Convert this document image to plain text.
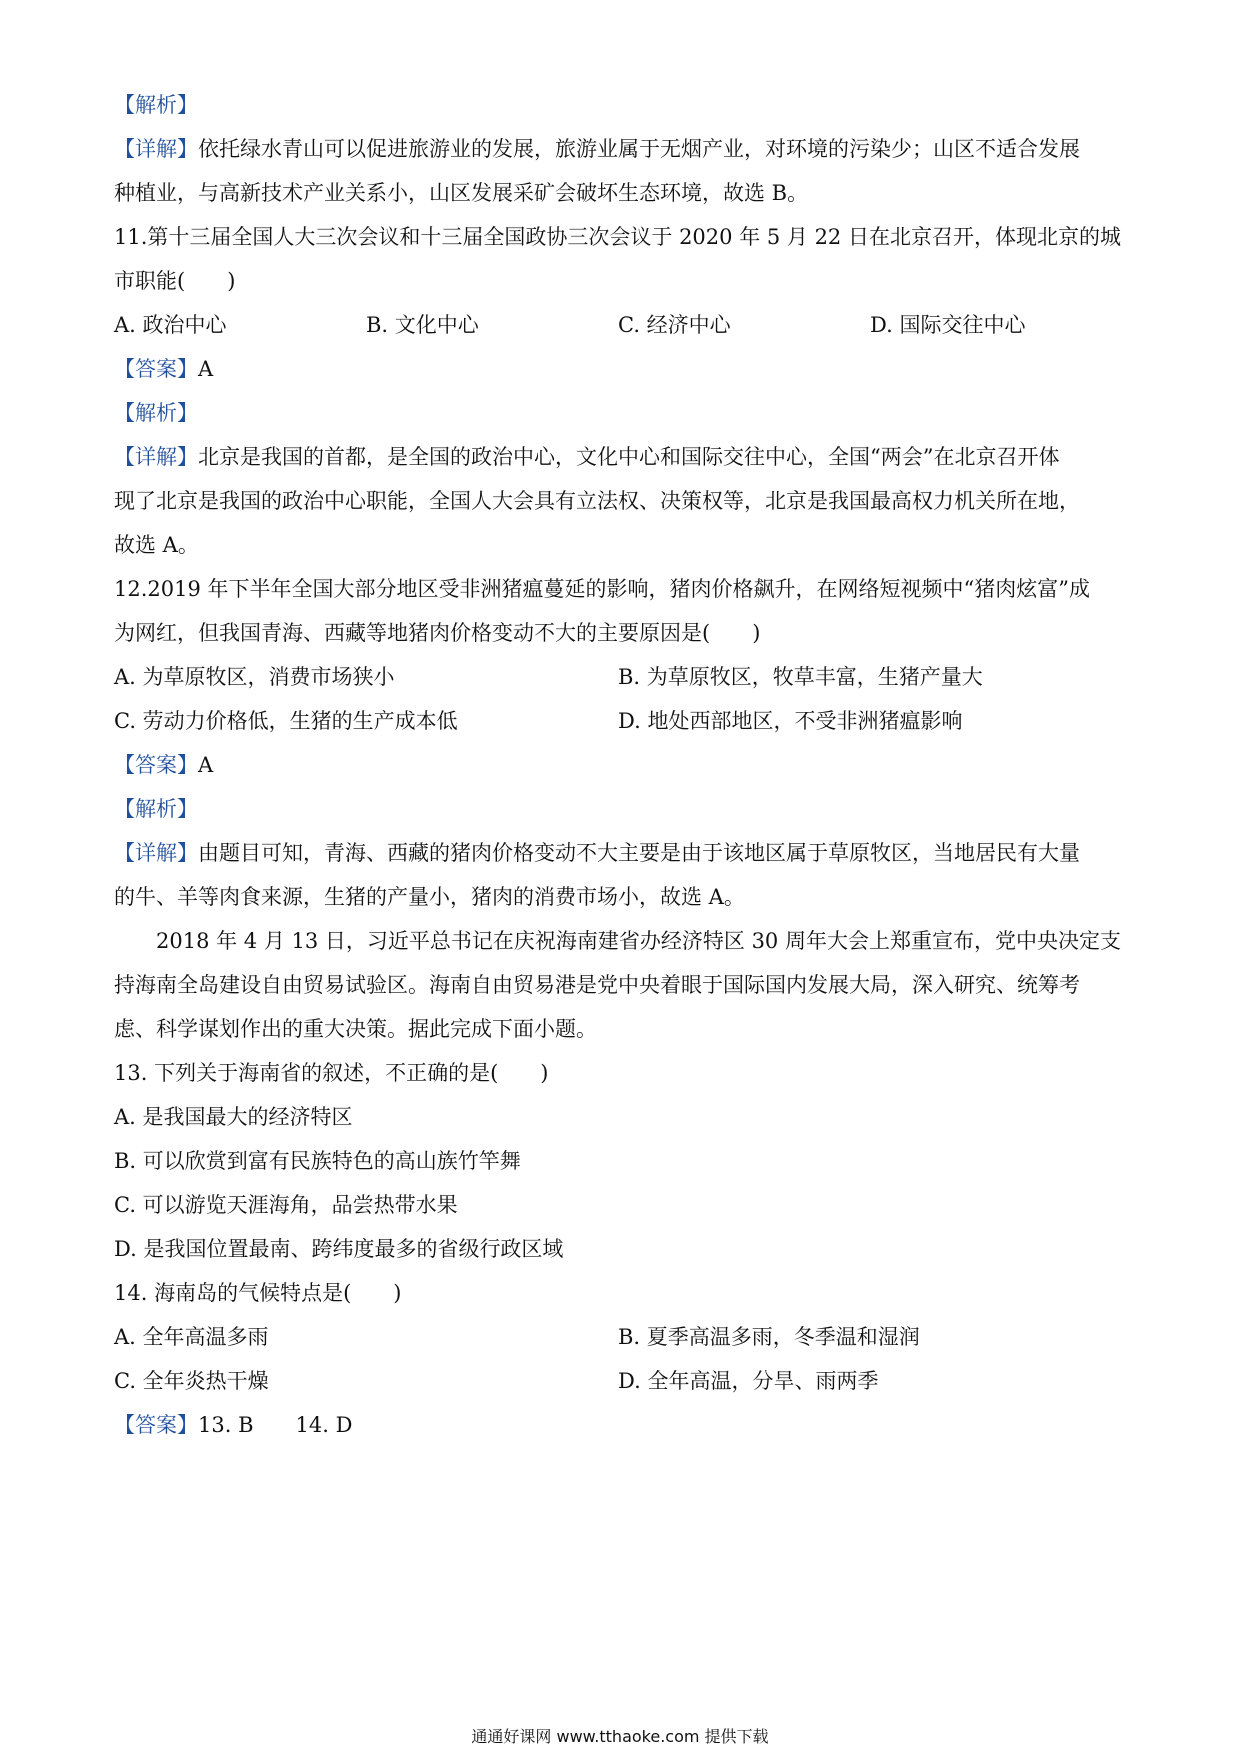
【解析】
【详解】依托绿水青山可以促进旅游业的发展，旅游业属于无烟产业，对环境的污染少；山区不适合发展
种植业，与高新技术产业关系小，山区发展采矿会破坏生态环境，故选 B。
11.第十三届全国人大三次会议和十三届全国政协三次会议于 2020 年 5 月 22 日在北京召开，体现北京的城
市职能(　　)
A. 政治中心	B. 文化中心	C. 经济中心	D. 国际交往中心
【答案】A
【解析】
【详解】北京是我国的首都，是全国的政治中心，文化中心和国际交往中心，全国“两会”在北京召开体
现了北京是我国的政治中心职能，全国人大会具有立法权、决策权等，北京是我国最高权力机关所在地，
故选 A。
12.2019 年下半年全国大部分地区受非洲猪瘟蔓延的影响，猪肉价格飙升，在网络短视频中“猪肉炫富”成
为网红，但我国青海、西藏等地猪肉价格变动不大的主要原因是(　　)
A. 为草原牧区，消费市场狭小	B. 为草原牧区，牧草丰富，生猪产量大
C. 劳动力价格低，生猪的生产成本低	D. 地处西部地区，不受非洲猪瘟影响
【答案】A
【解析】
【详解】由题目可知，青海、西藏的猪肉价格变动不大主要是由于该地区属于草原牧区，当地居民有大量
的牛、羊等肉食来源，生猪的产量小，猪肉的消费市场小，故选 A。
2018 年 4 月 13 日，习近平总书记在庆祝海南建省办经济特区 30 周年大会上郑重宣布，党中央决定支
持海南全岛建设自由贸易试验区。海南自由贸易港是党中央着眼于国际国内发展大局，深入研究、统筹考
虑、科学谋划作出的重大决策。据此完成下面小题。
13. 下列关于海南省的叙述，不正确的是(　　)
A. 是我国最大的经济特区
B. 可以欣赏到富有民族特色的高山族竹竿舞
C. 可以游览天涯海角，品尝热带水果
D. 是我国位置最南、跨纬度最多的省级行政区域
14. 海南岛的气候特点是(　　)
A. 全年高温多雨	B. 夏季高温多雨，冬季温和湿润
C. 全年炎热干燥	D. 全年高温，分旱、雨两季
【答案】13. B　　14. D
通通好课网 www.tthaoke.com 提供下载
